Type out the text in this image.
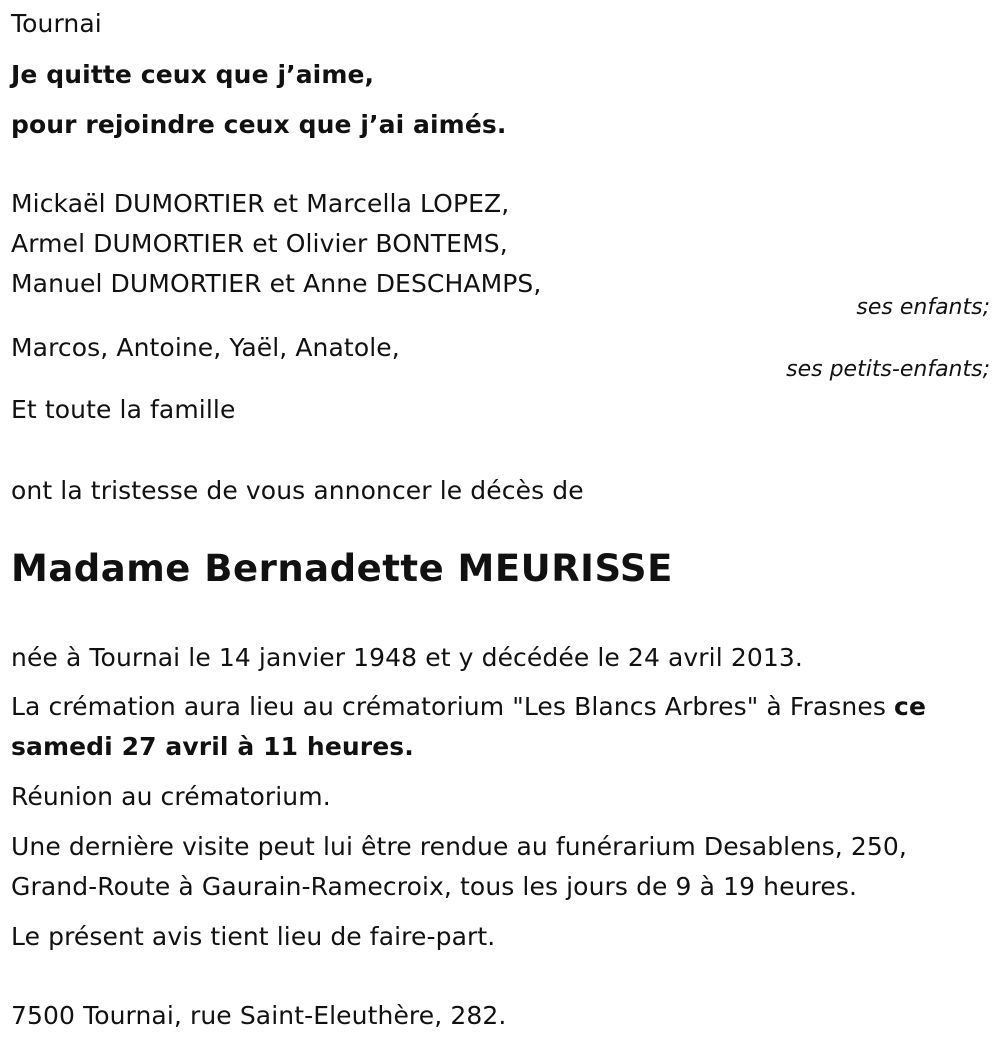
Tournai
Je quitte ceux que j’aime,
pour rejoindre ceux que j’ai aimés.
Mickaël DUMORTIER et Marcella LOPEZ,
Armel DUMORTIER et Olivier BONTEMS,
Manuel DUMORTIER et Anne DESCHAMPS,
ses enfants;
Marcos, Antoine, Yaël, Anatole,
ses petits-enfants;
Et toute la famille
ont la tristesse de vous annoncer le décès de
Madame Bernadette MEURISSE
née à Tournai le 14 janvier 1948 et y décédée le 24 avril 2013.
La crémation aura lieu au crématorium "Les Blancs Arbres" à Frasnes ce
samedi 27 avril à 11 heures.
Réunion au crématorium.
Une dernière visite peut lui être rendue au funérarium Desablens, 250,
Grand-Route à Gaurain-Ramecroix, tous les jours de 9 à 19 heures.
Le présent avis tient lieu de faire-part.
7500 Tournai, rue Saint-Eleuthère, 282.
